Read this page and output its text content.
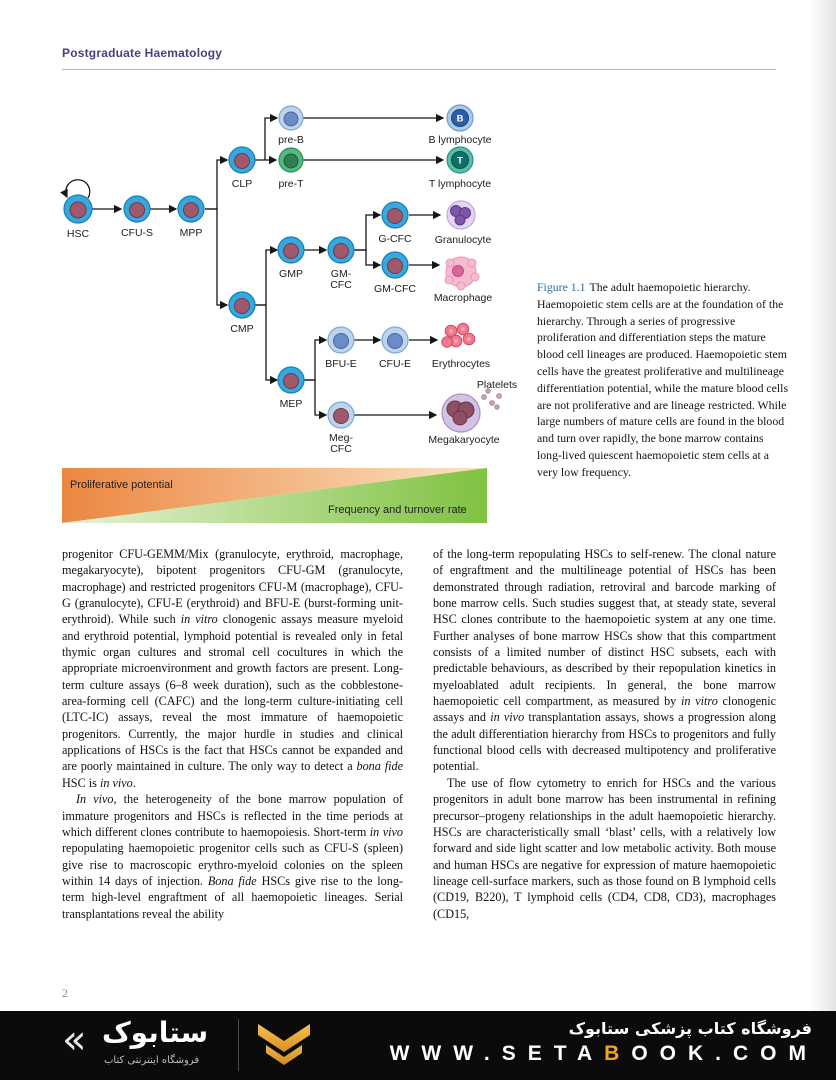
Postgraduate Haematology
B
T
HSC	CFU-S	MPP
CLP
pre-B
pre-T
B lymphocyte
T lymphocyte
CMP
GMP	GM-
CFC
G-CFC
GM-CFC
Granulocyte
Macrophage
MEP
BFU-E CFU-E Erythrocytes
Meg-
CFC
Megakaryocyte
Platelets
Proliferative potential
Frequency and turnover rate
Figure 1.1 The adult haemopoietic hierarchy. Haemopoietic stem cells are at the foundation of the hierarchy. Through a series of progressive proliferation and differentiation steps the mature blood cell lineages are produced. Haemopoietic stem cells have the greatest proliferative and multilineage differentiation potential, while the mature blood cells are not proliferative and are lineage restricted. While large numbers of mature cells are found in the blood and turn over rapidly, the bone marrow contains long-lived quiescent haemopoietic stem cells at a very low frequency.

progenitor CFU-GEMM/Mix (granulocyte, erythroid, macrophage, megakaryocyte), bipotent progenitors CFU-GM (granulocyte, macrophage) and restricted progenitors CFU-M (macrophage), CFU-G (granulocyte), CFU-E (erythroid) and BFU-E (burst-forming unit-erythroid). While such in vitro clonogenic assays measure myeloid and erythroid potential, lymphoid potential is revealed only in fetal thymic organ cultures and stromal cell cocultures in which the appropriate microenvironment and growth factors are present. Long-term culture assays (6–8 week duration), such as the cobblestone-area-forming cell (CAFC) and the long-term culture-initiating cell (LTC-IC) assays, reveal the most immature of haemopoietic progenitors. Currently, the major hurdle in studies and clinical applications of HSCs is the fact that HSCs cannot be expanded and are poorly maintained in culture. The only way to detect a bona fide HSC is in vivo.

In vivo, the heterogeneity of the bone marrow population of immature progenitors and HSCs is reflected in the time periods at which different clones contribute to haemopoiesis. Short-term in vivo repopulating haemopoietic progenitor cells such as CFU-S (spleen) give rise to macroscopic erythro-myeloid colonies on the spleen within 14 days of injection. Bona fide HSCs give rise to the long-term high-level engraftment of all haemopoietic lineages. Serial transplantations reveal the ability

of the long-term repopulating HSCs to self-renew. The clonal nature of engraftment and the multilineage potential of HSCs has been demonstrated through radiation, retroviral and barcode marking of bone marrow cells. Such studies suggest that, at steady state, several HSC clones contribute to the haemopoietic system at any one time. Further analyses of bone marrow HSCs show that this compartment consists of a limited number of distinct HSC subsets, each with predictable behaviours, as described by their repopulation kinetics in myeloablated adult recipients. In general, the bone marrow haemopoietic cell compartment, as measured by in vitro clonogenic assays and in vivo transplantation assays, shows a progression along the adult differentiation hierarchy from HSCs to progenitors and fully functional blood cells with decreased multipotency and proliferative potential.

The use of flow cytometry to enrich for HSCs and the various progenitors in adult bone marrow has been instrumental in refining precursor–progeny relationships in the adult haemopoietic hierarchy. HSCs are characteristically small ‘blast’ cells, with a relatively low forward and side light scatter and low metabolic activity. Both mouse and human HSCs are negative for expression of mature haemopoietic lineage cell-surface markers, such as those found on B lymphoid cells (CD19, B220), T lymphoid cells (CD4, CD8, CD3), macrophages (CD15,

2
« ستابوک
فروشگاه اینترنتی کتاب
فروشگاه کتاب پزشکی ستابوک
WWW.SETABOOK.COM
